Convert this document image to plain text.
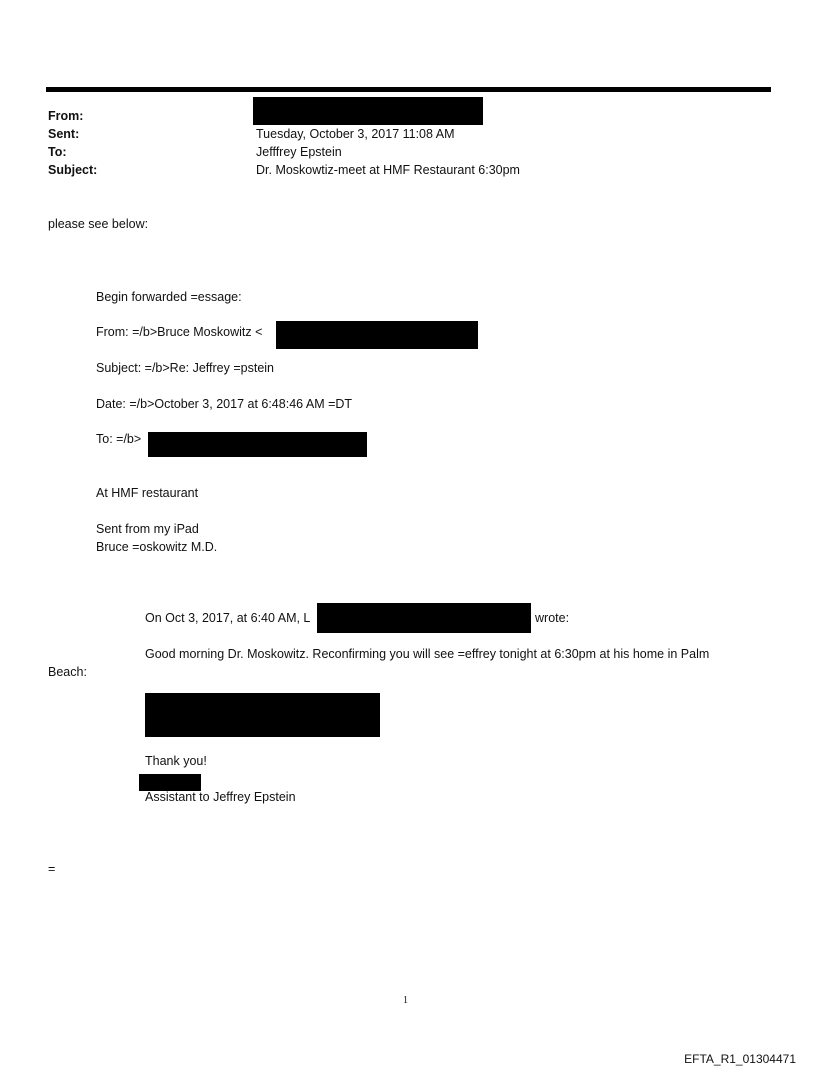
From:
Sent:	Tuesday, October 3, 2017 11:08 AM
To:	Jefffrey Epstein
Subject:	Dr. Moskowtiz-meet at HMF Restaurant 6:30pm
please see below:
Begin forwarded =essage:
From: =/b>Bruce Moskowitz <
Subject: =/b>Re: Jeffrey =pstein
Date: =/b>October 3, 2017 at 6:48:46 AM =DT
To: =/b>
At HMF restaurant
Sent from my iPad
Bruce =oskowitz M.D.
On Oct 3, 2017, at 6:40 AM, L	wrote:
Good morning Dr. Moskowitz. Reconfirming you will see =effrey tonight at 6:30pm at his home in Palm
Beach:
Thank you!
Assistant to Jeffrey Epstein
=
1
EFTA_R1_01304471
